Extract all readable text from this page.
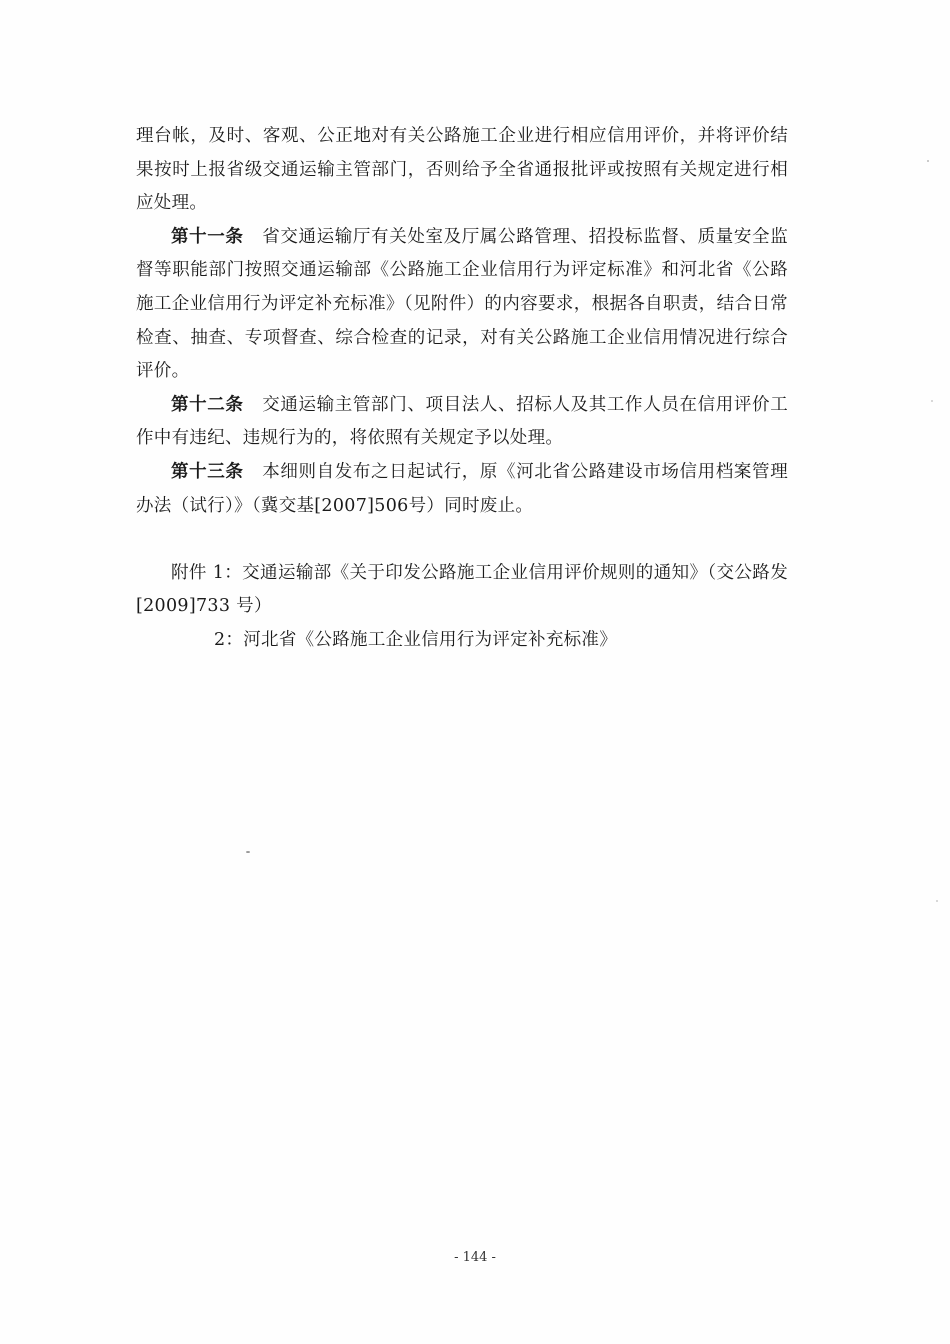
理台帐，及时、客观、公正地对有关公路施工企业进行相应信用评价，并将评价结果按时上报省级交通运输主管部门，否则给予全省通报批评或按照有关规定进行相应处理。

第十一条 省交通运输厅有关处室及厅属公路管理、招投标监督、质量安全监督等职能部门按照交通运输部《公路施工企业信用行为评定标准》和河北省《公路施工企业信用行为评定补充标准》（见附件）的内容要求，根据各自职责，结合日常检查、抽查、专项督查、综合检查的记录，对有关公路施工企业信用情况进行综合评价。

第十二条 交通运输主管部门、项目法人、招标人及其工作人员在信用评价工作中有违纪、违规行为的，将依照有关规定予以处理。

第十三条 本细则自发布之日起试行，原《河北省公路建设市场信用档案管理办法（试行）》（冀交基[2007]506号）同时废止。

附件 1：交通运输部《关于印发公路施工企业信用评价规则的通知》（交公路发[2009]733 号）

2：河北省《公路施工企业信用行为评定补充标准》

- 144 -
